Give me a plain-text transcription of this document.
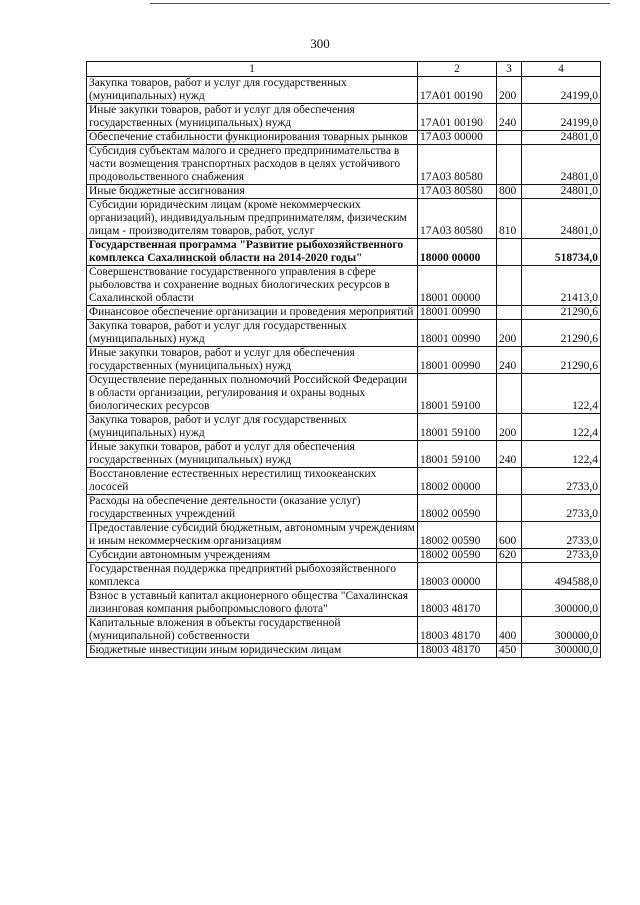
300
1	2	3	4
Закупка товаров, работ и услуг для государственных (муниципальных) нужд	17А01 00190	200	24199,0
Иные закупки товаров, работ и услуг для обеспечения государственных (муниципальных) нужд	17А01 00190	240	24199,0
Обеспечение стабильности функционирования товарных рынков	17А03 00000		24801,0
Субсидия субъектам малого и среднего предпринимательства в части возмещения транспортных расходов в целях устойчивого продовольственного снабжения	17А03 80580		24801,0
Иные бюджетные ассигнования	17А03 80580	800	24801,0
Субсидии юридическим лицам (кроме некоммерческих организаций), индивидуальным предпринимателям, физическим лицам - производителям товаров, работ, услуг	17А03 80580	810	24801,0
Государственная программа "Развитие рыбохозяйственного комплекса Сахалинской области на 2014-2020 годы"	18000 00000		518734,0
Совершенствование государственного управления в сфере рыболовства и сохранение водных биологических ресурсов в Сахалинской области	18001 00000		21413,0
Финансовое обеспечение организации и проведения мероприятий	18001 00990		21290,6
Закупка товаров, работ и услуг для государственных (муниципальных) нужд	18001 00990	200	21290,6
Иные закупки товаров, работ и услуг для обеспечения государственных (муниципальных) нужд	18001 00990	240	21290,6
Осуществление переданных полномочий Российской Федерации в области организации, регулирования и охраны водных биологических ресурсов	18001 59100		122,4
Закупка товаров, работ и услуг для государственных (муниципальных) нужд	18001 59100	200	122,4
Иные закупки товаров, работ и услуг для обеспечения государственных (муниципальных) нужд	18001 59100	240	122,4
Восстановление естественных нерестилищ тихоокеанских лососей	18002 00000		2733,0
Расходы на обеспечение деятельности (оказание услуг) государственных учреждений	18002 00590		2733,0
Предоставление субсидий бюджетным, автономным учреждениям и иным некоммерческим организациям	18002 00590	600	2733,0
Субсидии автономным учреждениям	18002 00590	620	2733,0
Государственная поддержка предприятий рыбохозяйственного комплекса	18003 00000		494588,0
Взнос в уставный капитал акционерного общества "Сахалинская лизинговая компания рыбопромыслового флота"	18003 48170		300000,0
Капитальные вложения в объекты государственной (муниципальной) собственности	18003 48170	400	300000,0
Бюджетные инвестиции иным юридическим лицам	18003 48170	450	300000,0
